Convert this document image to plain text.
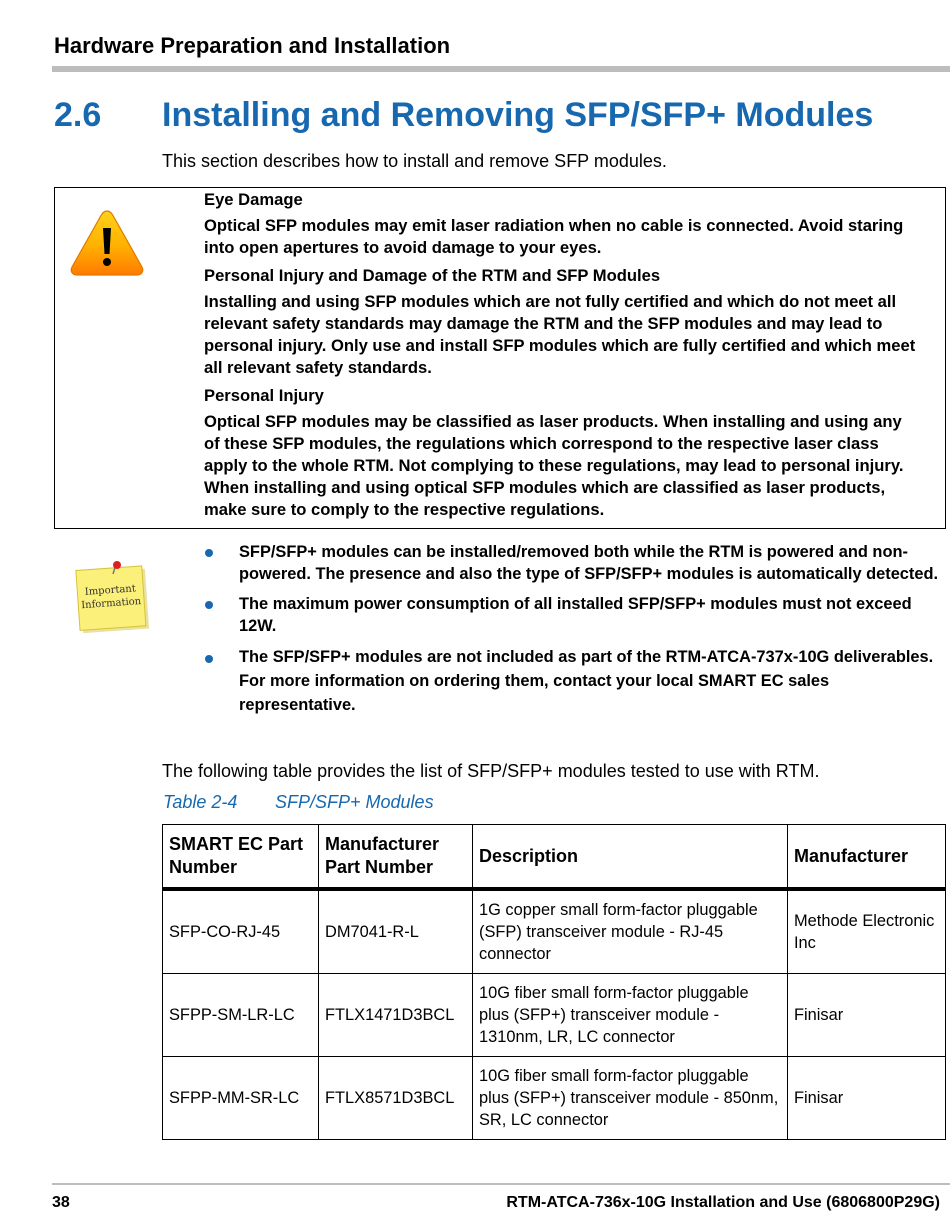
Hardware Preparation and Installation
2.6 Installing and Removing SFP/SFP+ Modules
This section describes how to install and remove SFP modules.

Eye Damage

Optical SFP modules may emit laser radiation when no cable is connected. Avoid staring into open apertures to avoid damage to your eyes.

Personal Injury and Damage of the RTM and SFP Modules

Installing and using SFP modules which are not fully certified and which do not meet all relevant safety standards may damage the RTM and the SFP modules and may lead to personal injury. Only use and install SFP modules which are fully certified and which meet all relevant safety standards.

Personal Injury

Optical SFP modules may be classified as laser products. When installing and using any of these SFP modules, the regulations which correspond to the respective laser class apply to the whole RTM. Not complying to these regulations, may lead to personal injury. When installing and using optical SFP modules which are classified as laser products, make sure to comply to the respective regulations.

Important
Information
SFP/SFP+ modules can be installed/removed both while the RTM is powered and non-powered. The presence and also the type of SFP/SFP+ modules is automatically detected.
The maximum power consumption of all installed SFP/SFP+ modules must not exceed 12W.
The SFP/SFP+ modules are not included as part of the RTM-ATCA-737x-10G deliverables. For more information on ordering them, contact your local SMART EC sales representative.
The following table provides the list of SFP/SFP+ modules tested to use with RTM.
Table 2-4 SFP/SFP+ Modules
SMART EC Part Number	Manufacturer Part Number	Description	Manufacturer
SFP-CO-RJ-45	DM7041-R-L	1G copper small form-factor pluggable (SFP) transceiver module - RJ-45 connector	Methode Electronic Inc
SFPP-SM-LR-LC	FTLX1471D3BCL	10G fiber small form-factor pluggable plus (SFP+) transceiver module - 1310nm, LR, LC connector	Finisar
SFPP-MM-SR-LC	FTLX8571D3BCL	10G fiber small form-factor pluggable plus (SFP+) transceiver module - 850nm, SR, LC connector	Finisar
38	RTM-ATCA-736x-10G Installation and Use (6806800P29G)
